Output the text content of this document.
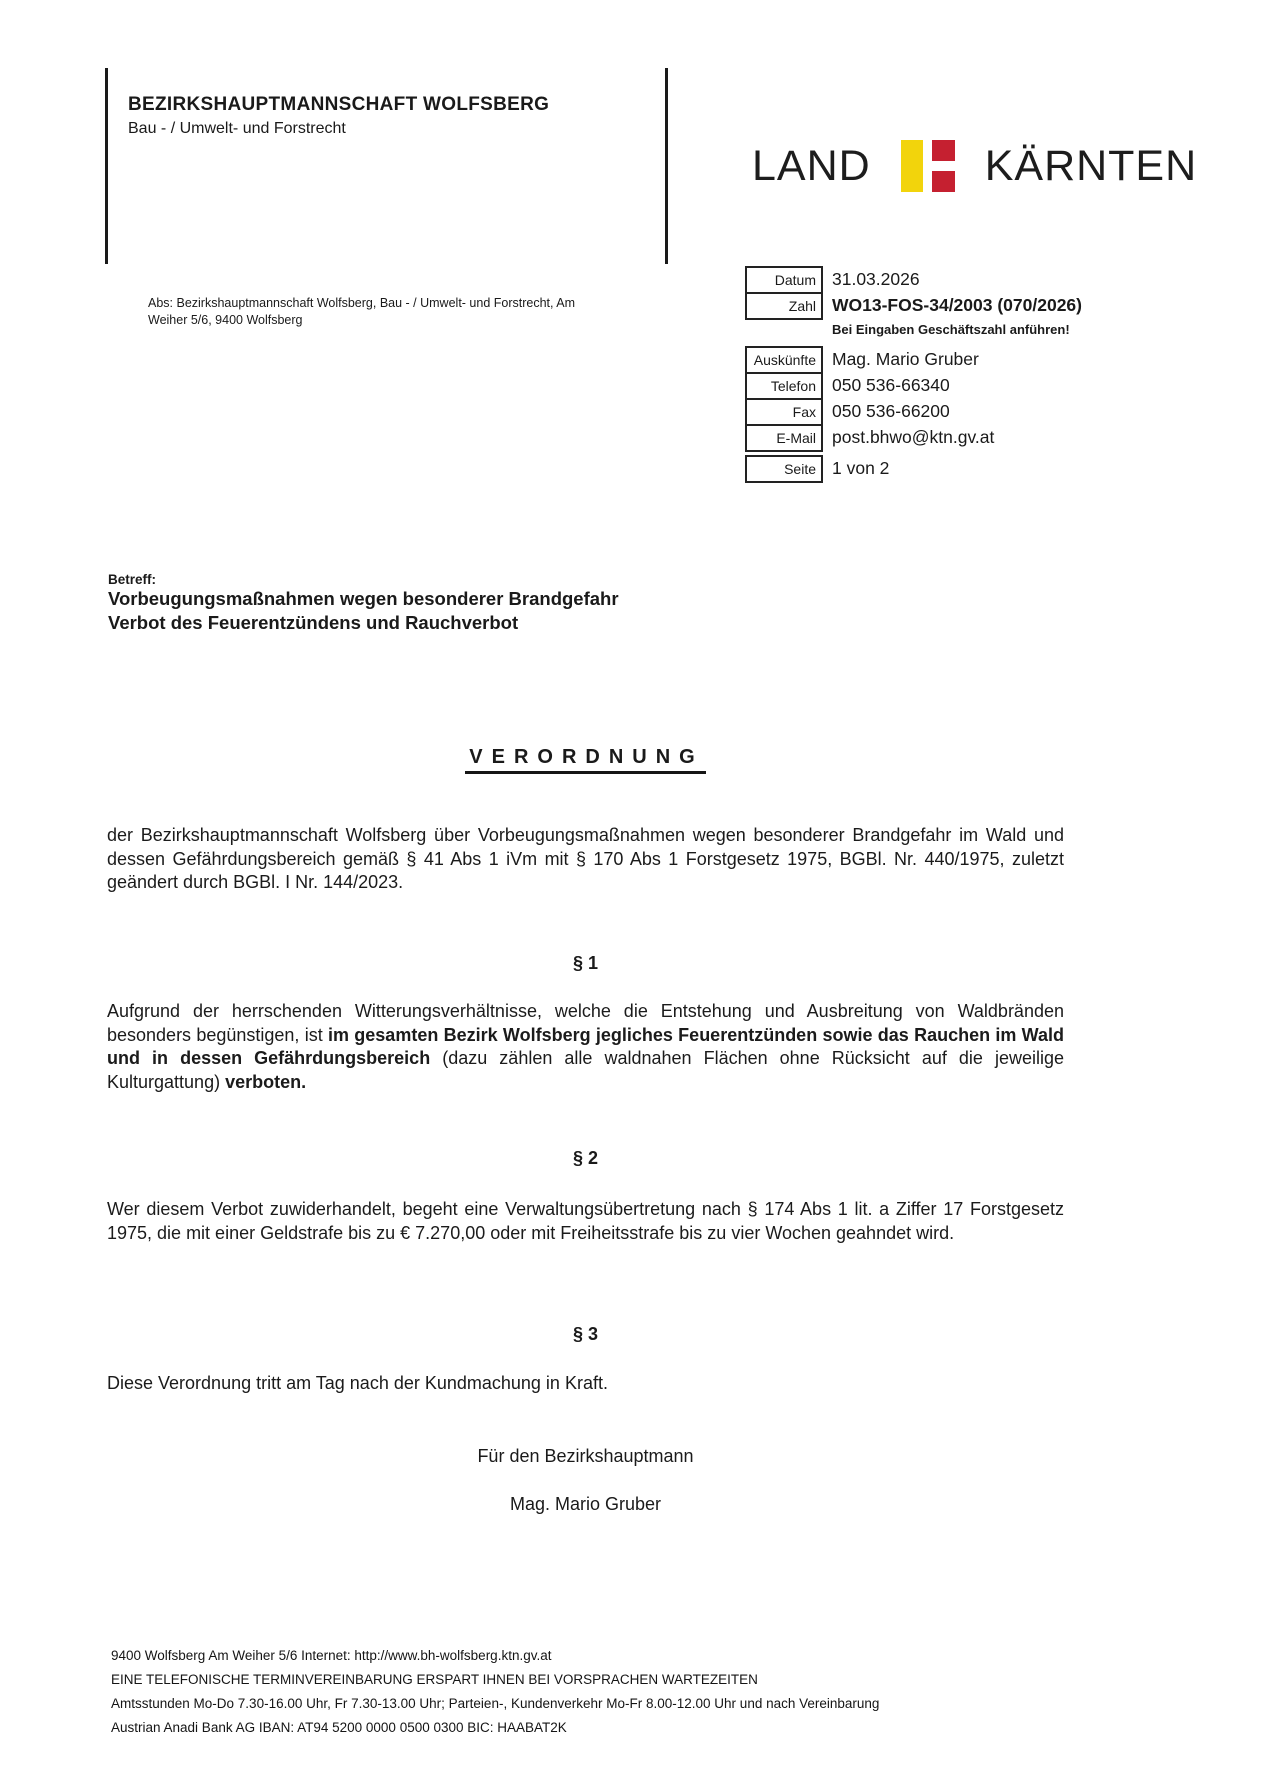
BEZIRKSHAUPTMANNSCHAFT WOLFSBERG
Bau - / Umwelt- und Forstrecht
LAND	KÄRNTEN
Abs: Bezirkshauptmannschaft Wolfsberg, Bau - / Umwelt- und Forstrecht, Am
Weiher 5/6, 9400 Wolfsberg
Datum 31.03.2026
Zahl WO13-FOS-34/2003 (070/2026)
Bei Eingaben Geschäftszahl anführen!
Auskünfte Mag. Mario Gruber
Telefon 050 536-66340
Fax 050 536-66200
E-Mail post.bhwo@ktn.gv.at
Seite 1 von 2
Betreff:
Vorbeugungsmaßnahmen wegen besonderer Brandgefahr
Verbot des Feuerentzündens und Rauchverbot
VERORDNUNG
der Bezirkshauptmannschaft Wolfsberg über Vorbeugungsmaßnahmen wegen besonderer Brandgefahr im Wald und dessen Gefährdungsbereich gemäß § 41 Abs 1 iVm mit § 170 Abs 1 Forstgesetz 1975, BGBl. Nr. 440/1975, zuletzt geändert durch BGBl. I Nr. 144/2023.
§ 1
Aufgrund der herrschenden Witterungsverhältnisse, welche die Entstehung und Ausbreitung von Waldbränden besonders begünstigen, ist im gesamten Bezirk Wolfsberg jegliches Feuerentzünden sowie das Rauchen im Wald und in dessen Gefährdungsbereich (dazu zählen alle waldnahen Flächen ohne Rücksicht auf die jeweilige Kulturgattung) verboten.
§ 2
Wer diesem Verbot zuwiderhandelt, begeht eine Verwaltungsübertretung nach § 174 Abs 1 lit. a Ziffer 17 Forstgesetz 1975, die mit einer Geldstrafe bis zu € 7.270,00 oder mit Freiheitsstrafe bis zu vier Wochen geahndet wird.
§ 3
Diese Verordnung tritt am Tag nach der Kundmachung in Kraft.
Für den Bezirkshauptmann
Mag. Mario Gruber
9400 Wolfsberg Am Weiher 5/6 Internet: http://www.bh-wolfsberg.ktn.gv.at
EINE TELEFONISCHE TERMINVEREINBARUNG ERSPART IHNEN BEI VORSPRACHEN WARTEZEITEN
Amtsstunden Mo-Do 7.30-16.00 Uhr, Fr 7.30-13.00 Uhr; Parteien-, Kundenverkehr Mo-Fr 8.00-12.00 Uhr und nach Vereinbarung
Austrian Anadi Bank AG IBAN: AT94 5200 0000 0500 0300 BIC: HAABAT2K
